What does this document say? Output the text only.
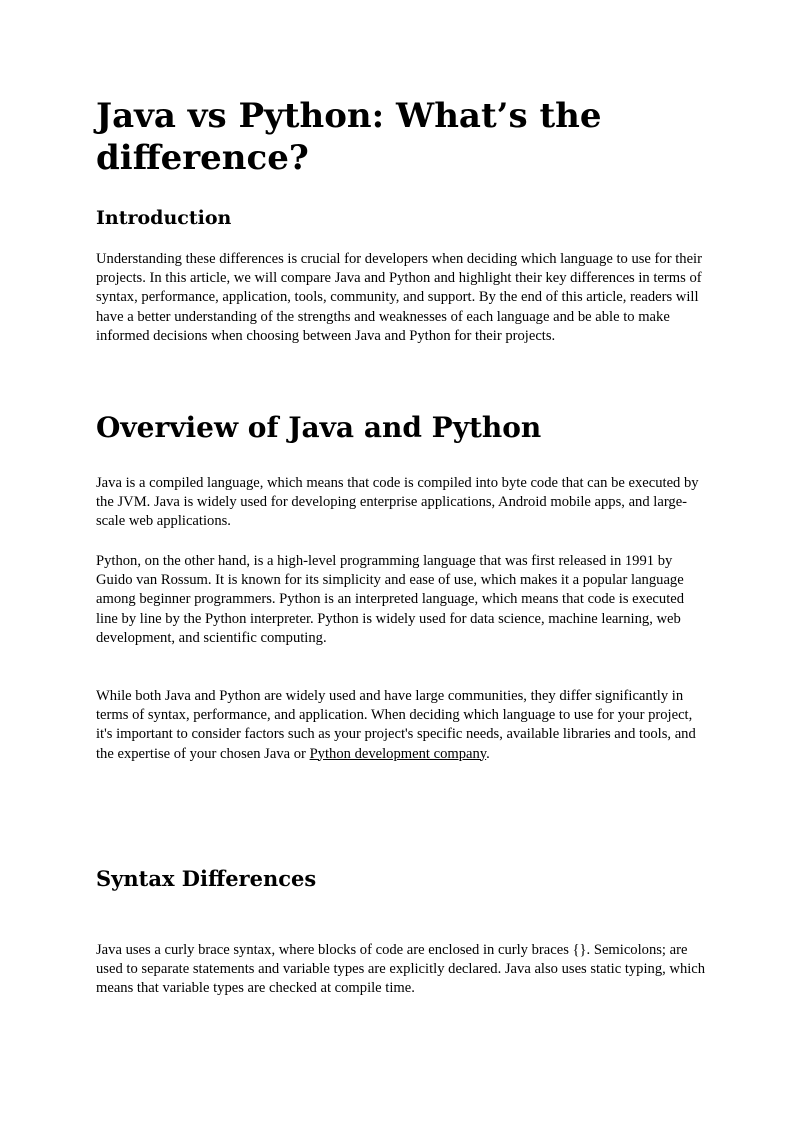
Java vs Python: What’s the difference?
Introduction

Understanding these differences is crucial for developers when deciding which language to use for their projects. In this article, we will compare Java and Python and highlight their key differences in terms of syntax, performance, application, tools, community, and support. By the end of this article, readers will have a better understanding of the strengths and weaknesses of each language and be able to make informed decisions when choosing between Java and Python for their projects.

Overview of Java and Python

Java is a compiled language, which means that code is compiled into byte code that can be executed by the JVM. Java is widely used for developing enterprise applications, Android mobile apps, and large-scale web applications.

Python, on the other hand, is a high-level programming language that was first released in 1991 by Guido van Rossum. It is known for its simplicity and ease of use, which makes it a popular language among beginner programmers. Python is an interpreted language, which means that code is executed line by line by the Python interpreter. Python is widely used for data science, machine learning, web development, and scientific computing.

While both Java and Python are widely used and have large communities, they differ significantly in terms of syntax, performance, and application. When deciding which language to use for your project, it's important to consider factors such as your project's specific needs, available libraries and tools, and the expertise of your chosen Java or Python development company.

Syntax Differences

Java uses a curly brace syntax, where blocks of code are enclosed in curly braces {}. Semicolons; are used to separate statements and variable types are explicitly declared. Java also uses static typing, which means that variable types are checked at compile time.
